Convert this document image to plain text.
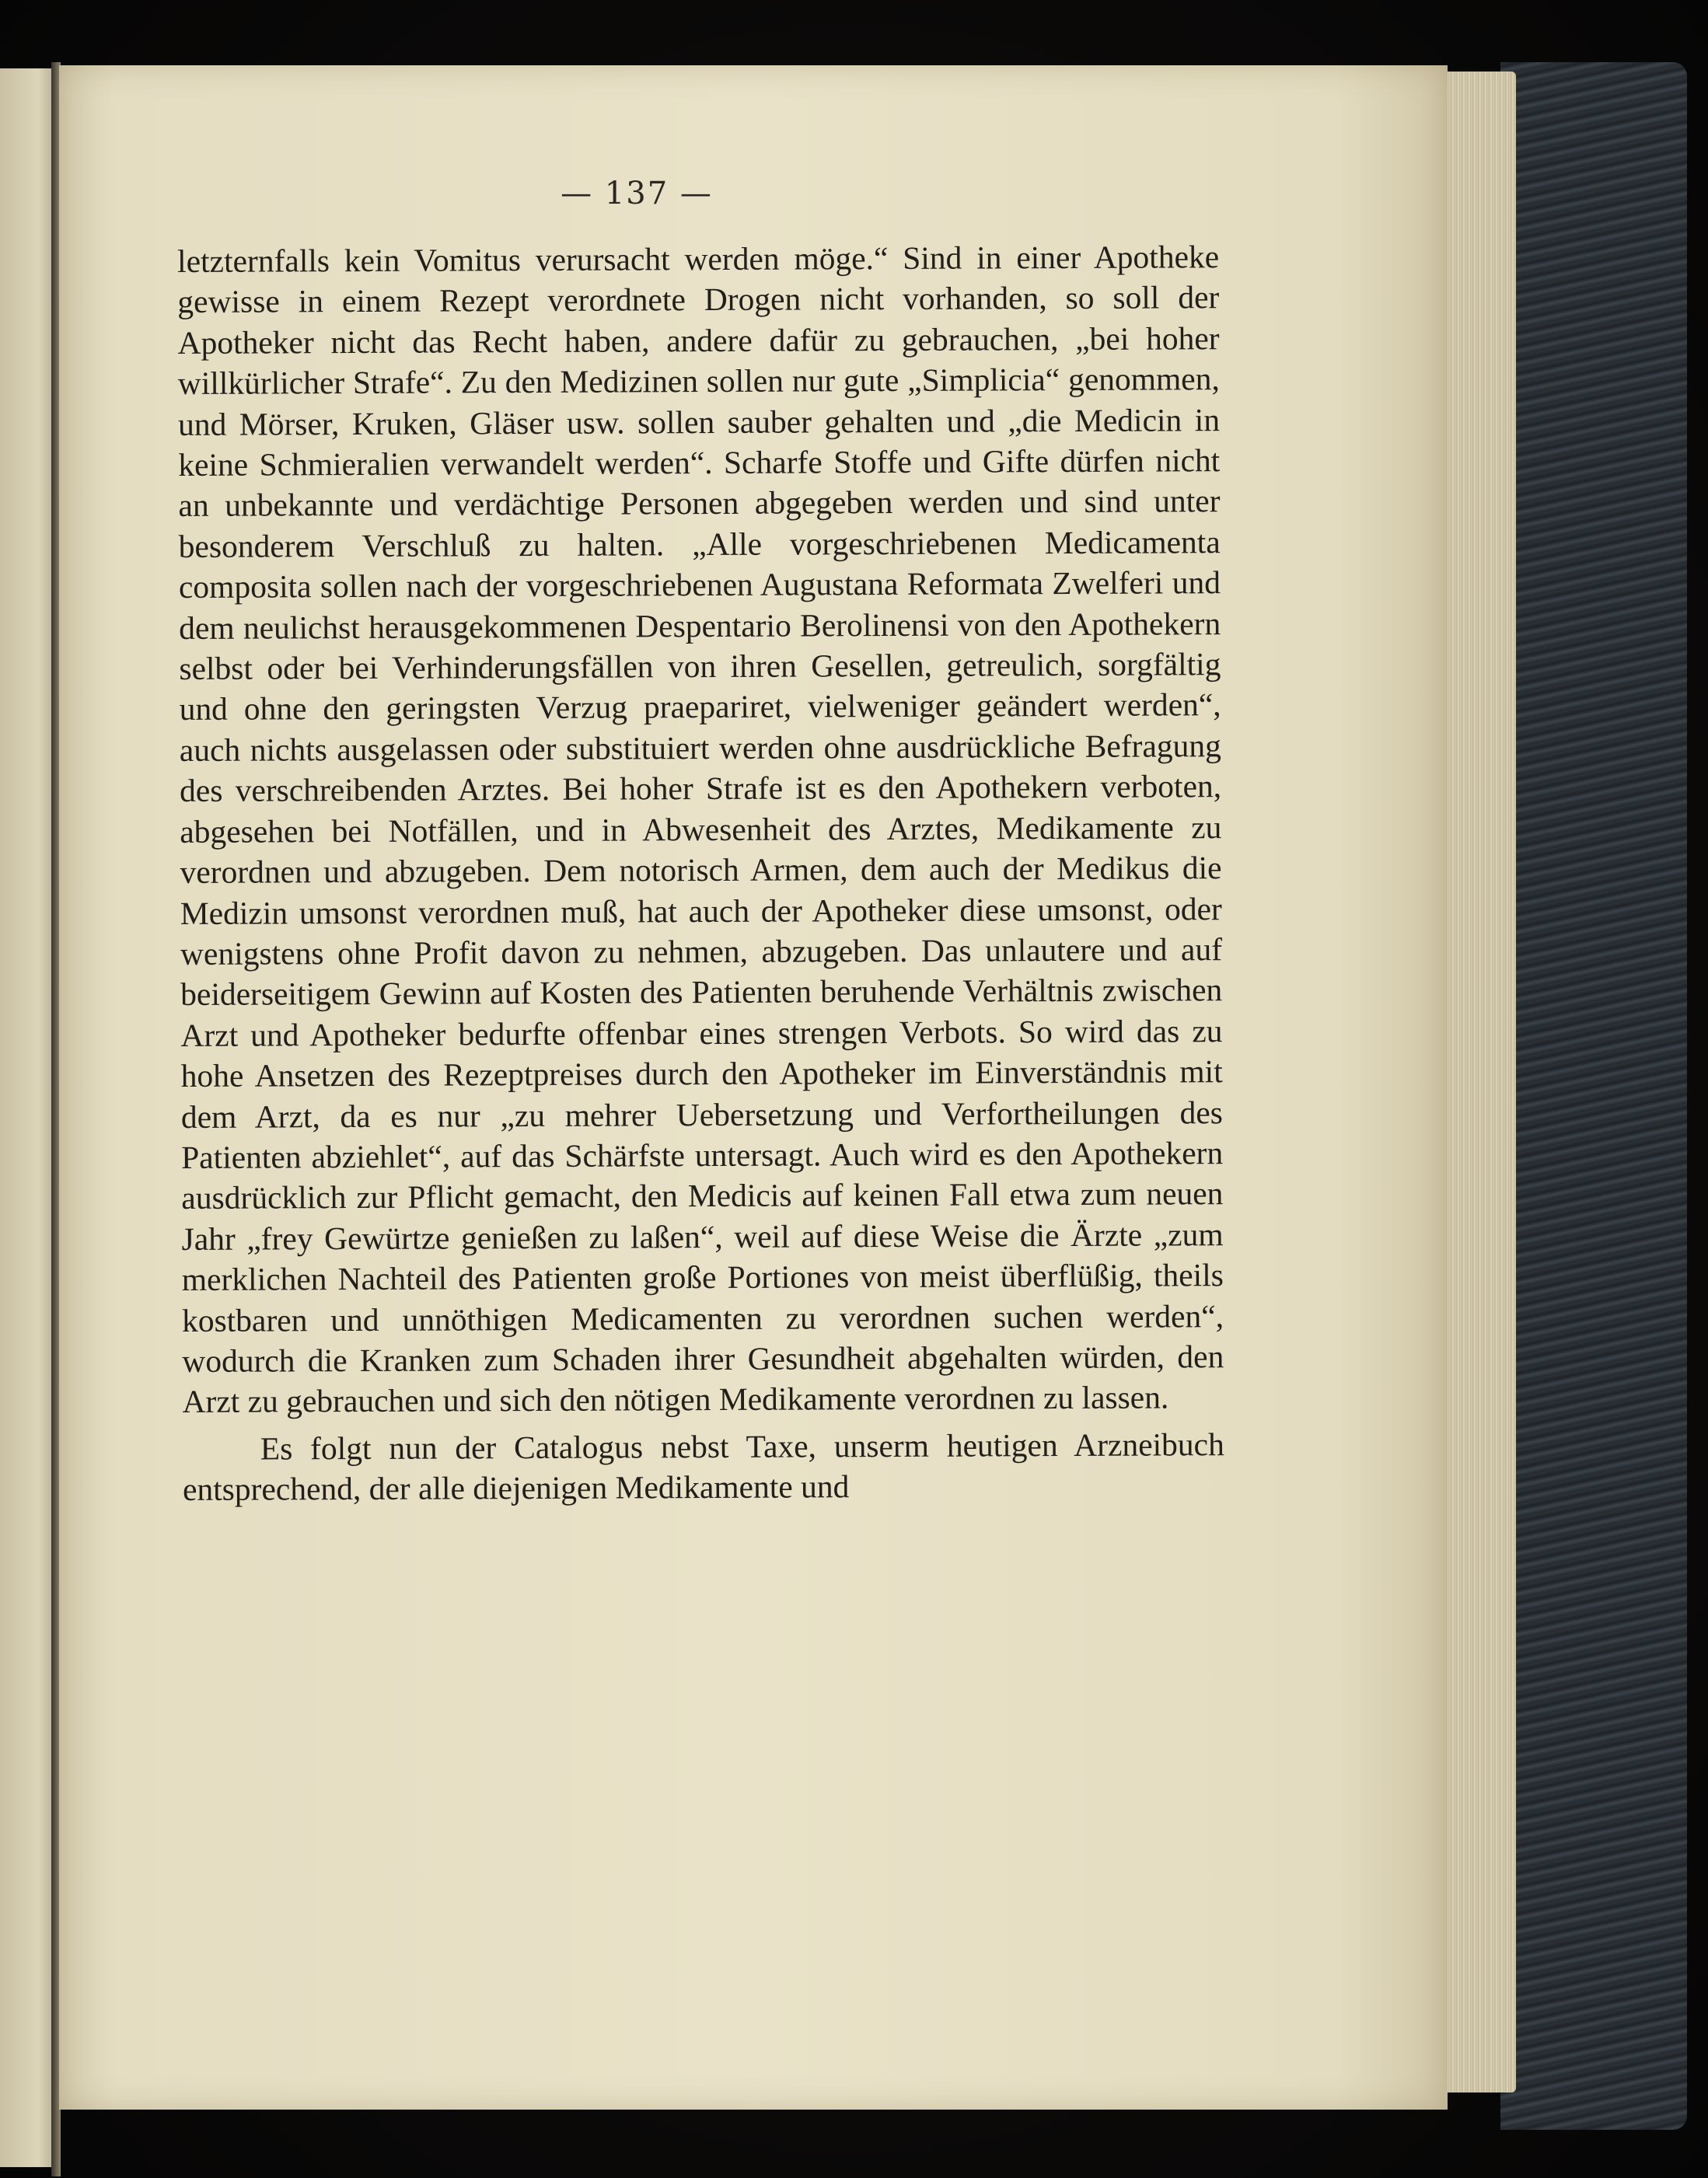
— 137 —

letzternfalls kein Vomitus verursacht werden möge.“ Sind in einer Apotheke gewisse in einem Rezept verordnete Drogen nicht vorhanden, so soll der Apotheker nicht das Recht haben, andere dafür zu gebrauchen, „bei hoher willkürlicher Strafe“. Zu den Medizinen sollen nur gute „Simplicia“ genommen, und Mörser, Kruken, Gläser usw. sollen sauber gehalten und „die Medicin in keine Schmieralien verwandelt werden“. Scharfe Stoffe und Gifte dürfen nicht an unbekannte und verdächtige Personen abgegeben werden und sind unter besonderem Verschluß zu halten. „Alle vorgeschriebenen Medicamenta composita sollen nach der vorgeschriebenen Augustana Reformata Zwelferi und dem neulichst herausgekommenen Despentario Berolinensi von den Apothekern selbst oder bei Verhinderungsfällen von ihren Gesellen, getreulich, sorgfältig und ohne den geringsten Verzug praepariret, vielweniger geändert werden“, auch nichts ausgelassen oder substituiert werden ohne ausdrückliche Befragung des verschreibenden Arztes. Bei hoher Strafe ist es den Apothekern verboten, abgesehen bei Notfällen, und in Abwesenheit des Arztes, Medikamente zu verordnen und abzugeben. Dem notorisch Armen, dem auch der Medikus die Medizin umsonst verordnen muß, hat auch der Apotheker diese umsonst, oder wenigstens ohne Profit davon zu nehmen, abzugeben. Das unlautere und auf beiderseitigem Gewinn auf Kosten des Patienten beruhende Verhältnis zwischen Arzt und Apotheker bedurfte offenbar eines strengen Verbots. So wird das zu hohe Ansetzen des Rezeptpreises durch den Apotheker im Einverständnis mit dem Arzt, da es nur „zu mehrer Uebersetzung und Verfortheilungen des Patienten abziehlet“, auf das Schärfste untersagt. Auch wird es den Apothekern ausdrücklich zur Pflicht gemacht, den Medicis auf keinen Fall etwa zum neuen Jahr „frey Gewürtze genießen zu laßen“, weil auf diese Weise die Ärzte „zum merklichen Nachteil des Patienten große Portiones von meist überflüßig, theils kostbaren und unnöthigen Medicamenten zu verordnen suchen werden“, wodurch die Kranken zum Schaden ihrer Gesundheit abgehalten würden, den Arzt zu gebrauchen und sich den nötigen Medikamente verordnen zu lassen.

Es folgt nun der Catalogus nebst Taxe, unserm heutigen Arzneibuch entsprechend, der alle diejenigen Medikamente und
